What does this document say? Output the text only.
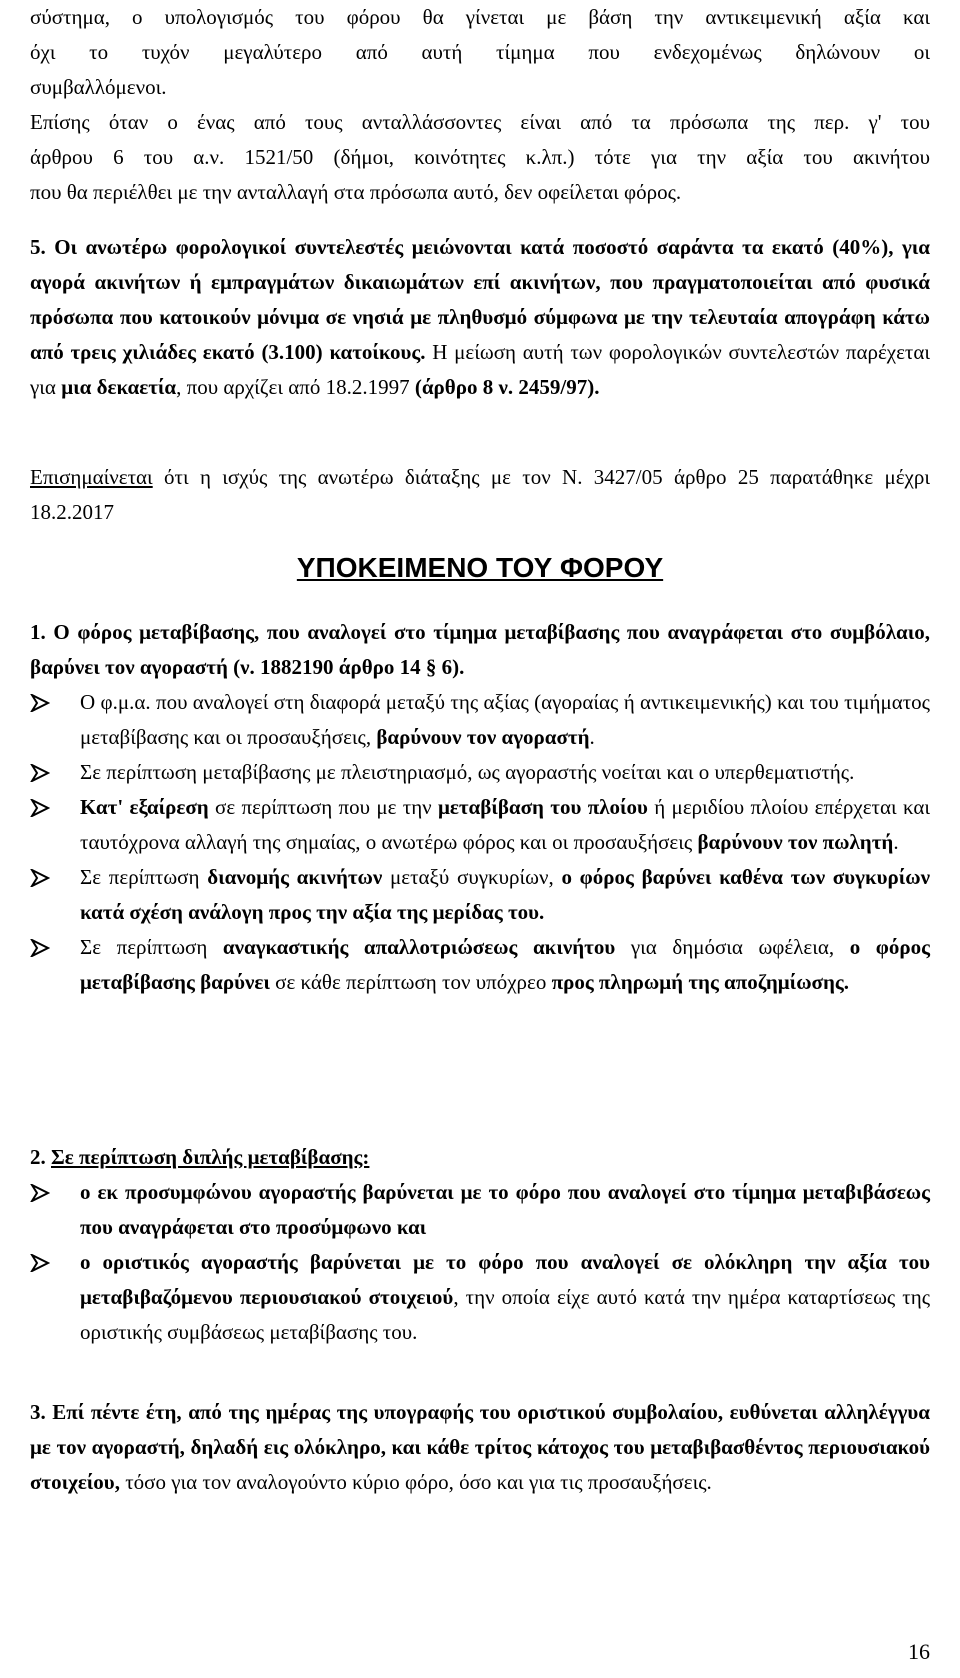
σύστημα, ο υπολογισμός του φόρου θα γίνεται με βάση την αντικειμενική αξία και
όχι το τυχόν μεγαλύτερο από αυτή τίμημα που ενδεχομένως δηλώνουν οι
συμβαλλόμενοι.
Επίσης όταν ο ένας από τους ανταλλάσσοντες είναι από τα πρόσωπα της περ. γ' του
άρθρου 6 του α.ν. 1521/50 (δήμοι, κοινότητες κ.λπ.) τότε για την αξία του ακινήτου
που θα περιέλθει με την ανταλλαγή στα πρόσωπα αυτό, δεν οφείλεται φόρος.

5. Οι ανωτέρω φορολογικοί συντελεστές μειώνονται κατά ποσοστό σαράντα τα εκατό (40%), για αγορά ακινήτων ή εμπραγμάτων δικαιωμάτων επί ακινήτων, που πραγματοποιείται από φυσικά πρόσωπα που κατοικούν μόνιμα σε νησιά με πληθυσμό σύμφωνα με την τελευταία απογράφη κάτω από τρεις χιλιάδες εκατό (3.100) κατοίκους. Η μείωση αυτή των φορολογικών συντελεστών παρέχεται για μια δεκαετία, που αρχίζει από 18.2.1997 (άρθρο 8 ν. 2459/97).

Επισημαίνεται ότι η ισχύς της ανωτέρω διάταξης με τον Ν. 3427/05 άρθρο 25 παρατάθηκε μέχρι 18.2.2017

ΥΠΟΚΕΙΜΕΝΟ ΤΟΥ ΦΟΡΟΥ

1. Ο φόρος μεταβίβασης, που αναλογεί στο τίμημα μεταβίβασης που αναγράφεται στο συμβόλαιο, βαρύνει τον αγοραστή (ν. 1882190 άρθρο 14 § 6).

Ο φ.μ.α. που αναλογεί στη διαφορά μεταξύ της αξίας (αγοραίας ή αντικειμενικής) και του τιμήματος μεταβίβασης και οι προσαυξήσεις, βαρύνουν τον αγοραστή.
Σε περίπτωση μεταβίβασης με πλειστηριασμό, ως αγοραστής νοείται και ο υπερθεματιστής.
Κατ' εξαίρεση σε περίπτωση που με την μεταβίβαση του πλοίου ή μεριδίου πλοίου επέρχεται και ταυτόχρονα αλλαγή της σημαίας, ο ανωτέρω φόρος και οι προσαυξήσεις βαρύνουν τον πωλητή.
Σε περίπτωση διανομής ακινήτων μεταξύ συγκυρίων, ο φόρος βαρύνει καθένα των συγκυρίων κατά σχέση ανάλογη προς την αξία της μερίδας του.
Σε περίπτωση αναγκαστικής απαλλοτριώσεως ακινήτου για δημόσια ωφέλεια, ο φόρος μεταβίβασης βαρύνει σε κάθε περίπτωση τον υπόχρεο προς πληρωμή της αποζημίωσης.

2. Σε περίπτωση διπλής μεταβίβασης:

ο εκ προσυμφώνου αγοραστής βαρύνεται με το φόρο που αναλογεί στο τίμημα μεταβιβάσεως που αναγράφεται στο προσύμφωνο και
ο οριστικός αγοραστής βαρύνεται με το φόρο που αναλογεί σε ολόκληρη την αξία του μεταβιβαζόμενου περιουσιακού στοιχειού, την οποία είχε αυτό κατά την ημέρα καταρτίσεως της οριστικής συμβάσεως μεταβίβασης του.

3. Επί πέντε έτη, από της ημέρας της υπογραφής του οριστικού συμβολαίου, ευθύνεται αλληλέγγυα με τον αγοραστή, δηλαδή εις ολόκληρο, και κάθε τρίτος κάτοχος του μεταβιβασθέντος περιουσιακού στοιχείου, τόσο για τον αναλογούντο κύριο φόρο, όσο και για τις προσαυξήσεις.

16
